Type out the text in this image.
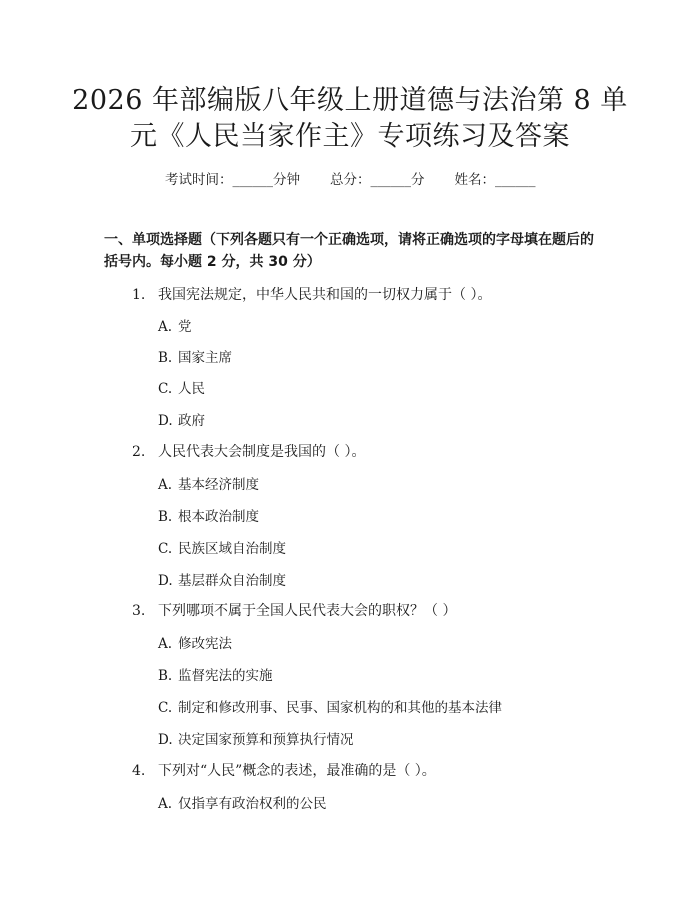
2026 年部编版八年级上册道德与法治第 8 单
元《人民当家作主》专项练习及答案
考试时间：______分钟 总分：______分 姓名：______
一、单项选择题（下列各题只有一个正确选项，请将正确选项的字母填在题后的括号内。每小题 2 分，共 30 分）
1. 我国宪法规定，中华人民共和国的一切权力属于（ ）。
A. 党
B. 国家主席
C. 人民
D. 政府
2. 人民代表大会制度是我国的（ ）。
A. 基本经济制度
B. 根本政治制度
C. 民族区域自治制度
D. 基层群众自治制度
3. 下列哪项不属于全国人民代表大会的职权？（ ）
A. 修改宪法
B. 监督宪法的实施
C. 制定和修改刑事、民事、国家机构的和其他的基本法律
D. 决定国家预算和预算执行情况
4. 下列对“人民”概念的表述，最准确的是（ ）。
A. 仅指享有政治权利的公民
